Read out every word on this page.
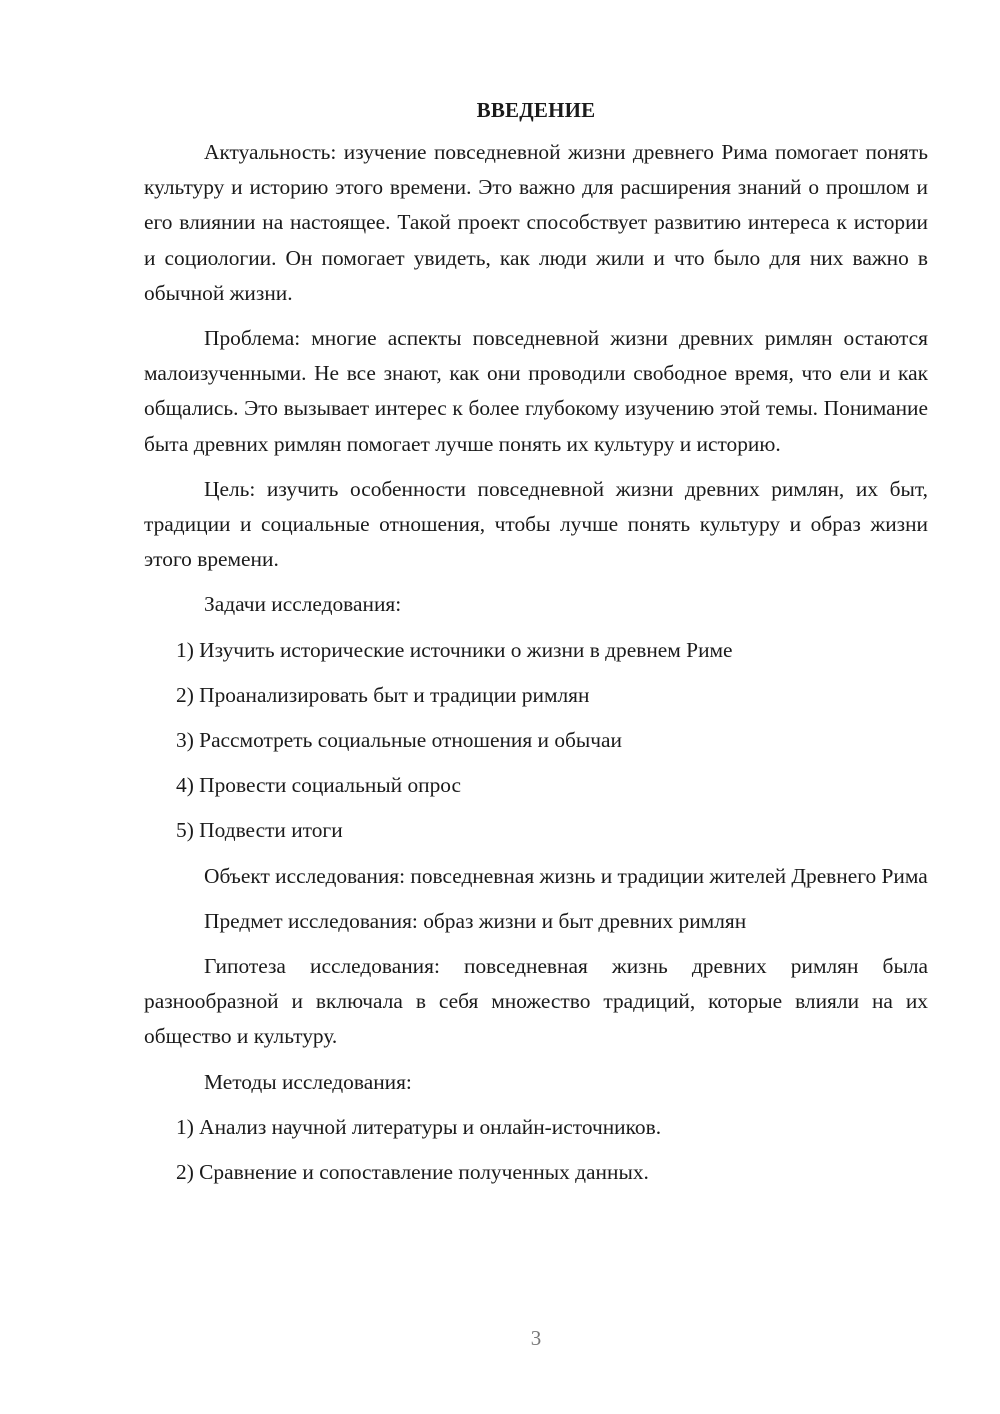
ВВЕДЕНИЕ

Актуальность: изучение повседневной жизни древнего Рима помогает понять культуру и историю этого времени. Это важно для расширения знаний о прошлом и его влиянии на настоящее. Такой проект способствует развитию интереса к истории и социологии. Он помогает увидеть, как люди жили и что было для них важно в обычной жизни.

Проблема: многие аспекты повседневной жизни древних римлян остаются малоизученными. Не все знают, как они проводили свободное время, что ели и как общались. Это вызывает интерес к более глубокому изучению этой темы. Понимание быта древних римлян помогает лучше понять их культуру и историю.

Цель: изучить особенности повседневной жизни древних римлян, их быт, традиции и социальные отношения, чтобы лучше понять культуру и образ жизни этого времени.

Задачи исследования:

1) Изучить исторические источники о жизни в древнем Риме
2) Проанализировать быт и традиции римлян
3) Рассмотреть социальные отношения и обычаи
4) Провести социальный опрос
5) Подвести итоги

Объект исследования: повседневная жизнь и традиции жителей Древнего Рима

Предмет исследования: образ жизни и быт древних римлян

Гипотеза исследования: повседневная жизнь древних римлян была разнообразной и включала в себя множество традиций, которые влияли на их общество и культуру.

Методы исследования:

1) Анализ научной литературы и онлайн-источников.
2) Сравнение и сопоставление полученных данных.
3
